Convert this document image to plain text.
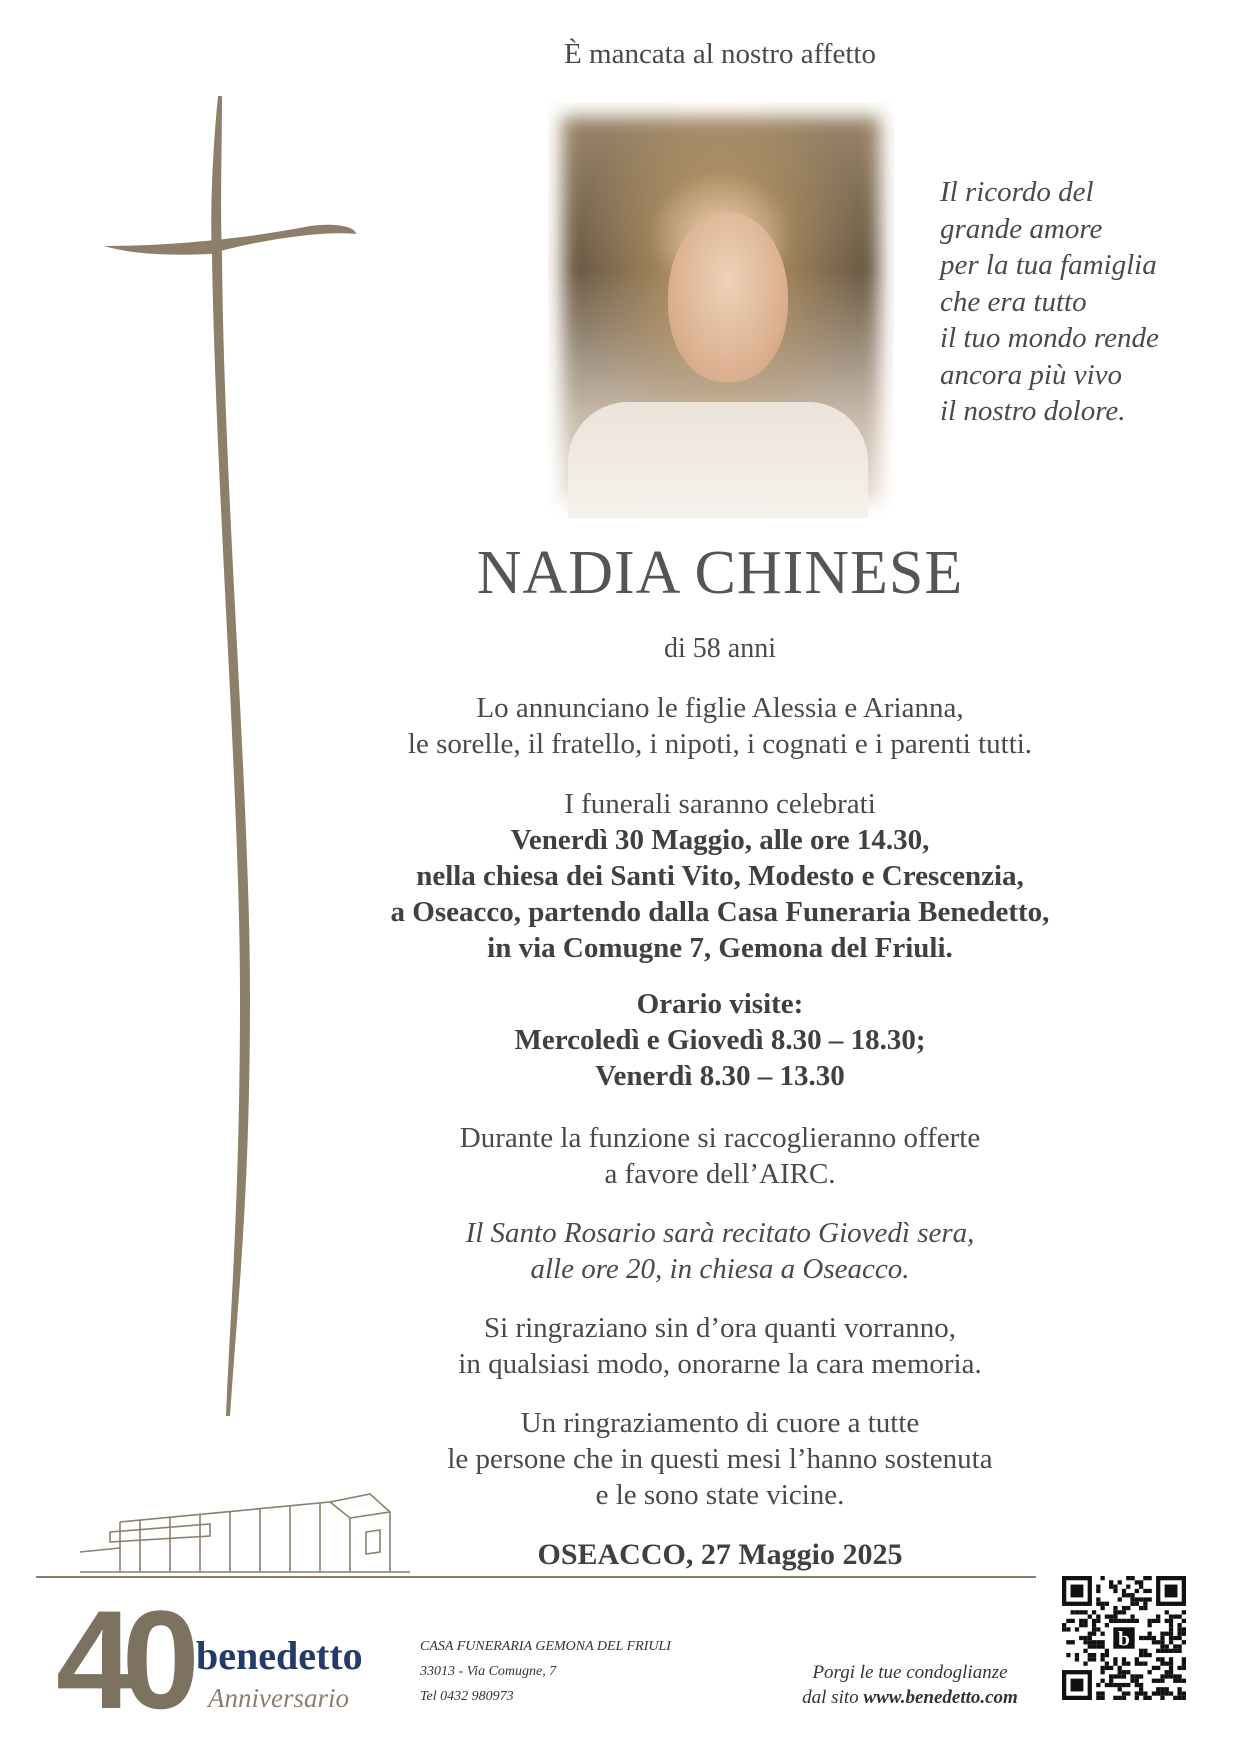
È mancata al nostro affetto
Il ricordo del
grande amore
per la tua famiglia
che era tutto
il tuo mondo rende
ancora più vivo
il nostro dolore.
NADIA CHINESE
di 58 anni
Lo annunciano le figlie Alessia e Arianna,
le sorelle, il fratello, i nipoti, i cognati e i parenti tutti.
I funerali saranno celebrati
Venerdì 30 Maggio, alle ore 14.30,
nella chiesa dei Santi Vito, Modesto e Crescenzia,
a Oseacco, partendo dalla Casa Funeraria Benedetto,
in via Comugne 7, Gemona del Friuli.
Orario visite:
Mercoledì e Giovedì 8.30 – 18.30;
Venerdì 8.30 – 13.30
Durante la funzione si raccoglieranno offerte
a favore dell’AIRC.
Il Santo Rosario sarà recitato Giovedì sera,
alle ore 20, in chiesa a Oseacco.
Si ringraziano sin d’ora quanti vorranno,
in qualsiasi modo, onorarne la cara memoria.
Un ringraziamento di cuore a tutte
le persone che in questi mesi l’hanno sostenuta
e le sono state vicine.
OSEACCO, 27 Maggio 2025
40 benedetto
Anniversario
CASA FUNERARIA GEMONA DEL FRIULI
33013 - Via Comugne, 7
Tel 0432 980973
Porgi le tue condoglianze
dal sito www.benedetto.com
b
